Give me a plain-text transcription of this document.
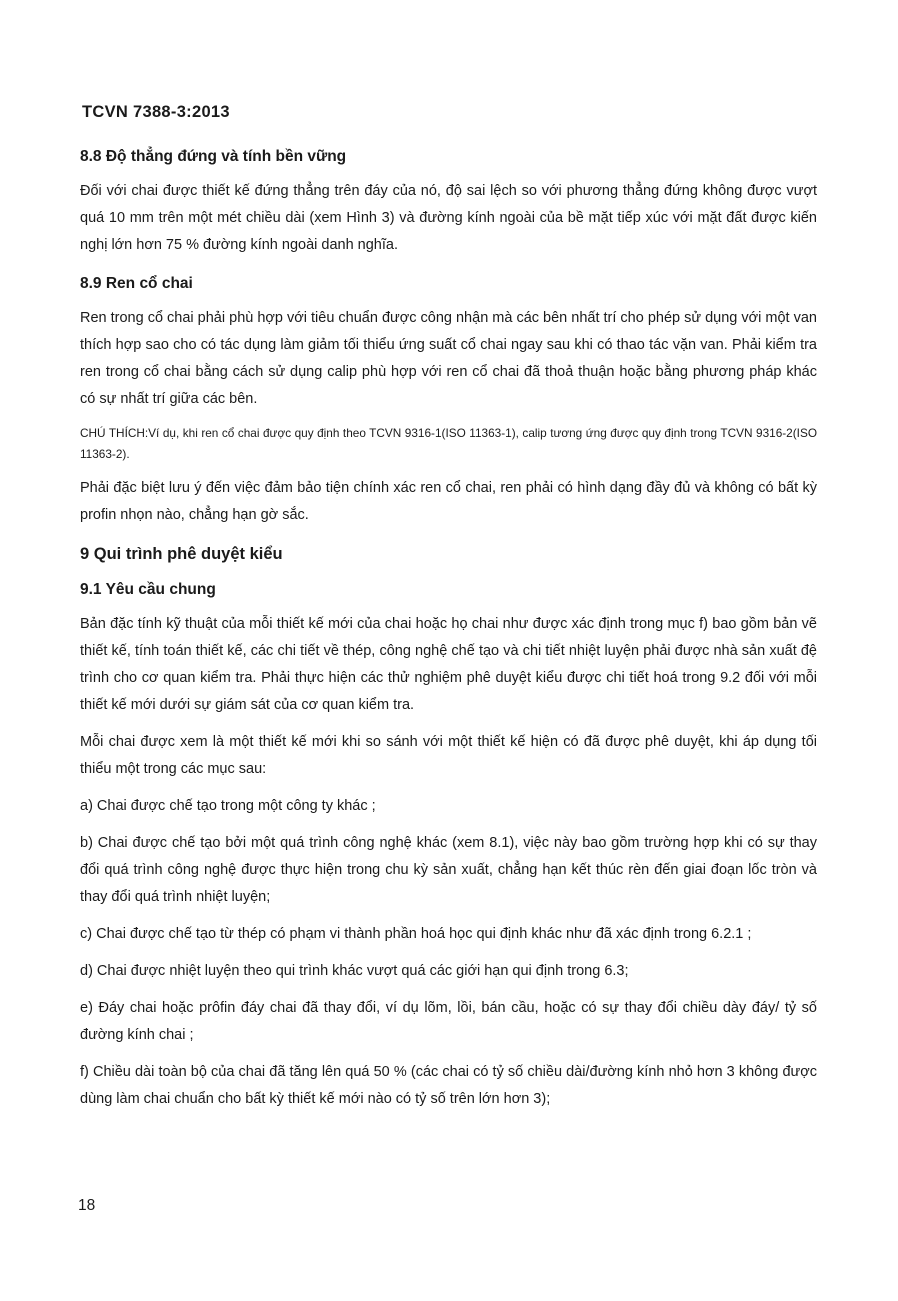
TCVN 7388-3:2013
8.8 Độ thẳng đứng và tính bền vững

Đối với chai được thiết kế đứng thẳng trên đáy của nó, độ sai lệch so với phương thẳng đứng không được vượt quá 10 mm trên một mét chiều dài (xem Hình 3) và đường kính ngoài của bề mặt tiếp xúc với mặt đất được kiến nghị lớn hơn 75 % đường kính ngoài danh nghĩa.

8.9 Ren cổ chai

Ren trong cổ chai phải phù hợp với tiêu chuẩn được công nhận mà các bên nhất trí cho phép sử dụng với một van thích hợp sao cho có tác dụng làm giảm tối thiểu ứng suất cổ chai ngay sau khi có thao tác vặn van. Phải kiểm tra ren trong cổ chai bằng cách sử dụng calip phù hợp với ren cổ chai đã thoả thuận hoặc bằng phương pháp khác có sự nhất trí giữa các bên.

CHÚ THÍCH:Ví dụ, khi ren cổ chai được quy định theo TCVN 9316-1(ISO 11363-1), calip tương ứng được quy định trong TCVN 9316-2(ISO 11363-2).

Phải đặc biệt lưu ý đến việc đảm bảo tiện chính xác ren cổ chai, ren phải có hình dạng đầy đủ và không có bất kỳ profin nhọn nào, chẳng hạn gờ sắc.

9 Qui trình phê duyệt kiểu
9.1 Yêu cầu chung

Bản đặc tính kỹ thuật của mỗi thiết kế mới của chai hoặc họ chai như được xác định trong mục f) bao gồm bản vẽ thiết kế, tính toán thiết kế, các chi tiết về thép, công nghệ chế tạo và chi tiết nhiệt luyện phải được nhà sản xuất đệ trình cho cơ quan kiểm tra. Phải thực hiện các thử nghiệm phê duyệt kiểu được chi tiết hoá trong 9.2 đối với mỗi thiết kế mới dưới sự giám sát của cơ quan kiểm tra.

Mỗi chai được xem là một thiết kế mới khi so sánh với một thiết kế hiện có đã được phê duyệt, khi áp dụng tối thiểu một trong các mục sau:

a) Chai được chế tạo trong một công ty khác ;

b) Chai được chế tạo bởi một quá trình công nghệ khác (xem 8.1), việc này bao gồm trường hợp khi có sự thay đổi quá trình công nghệ được thực hiện trong chu kỳ sản xuất, chẳng hạn kết thúc rèn đến giai đoạn lốc tròn và thay đổi quá trình nhiệt luyện;

c) Chai được chế tạo từ thép có phạm vi thành phần hoá học qui định khác như đã xác định trong 6.2.1 ;

d) Chai được nhiệt luyện theo qui trình khác vượt quá các giới hạn qui định trong 6.3;

e) Đáy chai hoặc prôfin đáy chai đã thay đổi, ví dụ lõm, lồi, bán cầu, hoặc có sự thay đổi chiều dày đáy/ tỷ số đường kính chai ;

f) Chiều dài toàn bộ của chai đã tăng lên quá 50 % (các chai có tỷ số chiều dài/đường kính nhỏ hơn 3 không được dùng làm chai chuẩn cho bất kỳ thiết kế mới nào có tỷ số trên lớn hơn 3);

18
